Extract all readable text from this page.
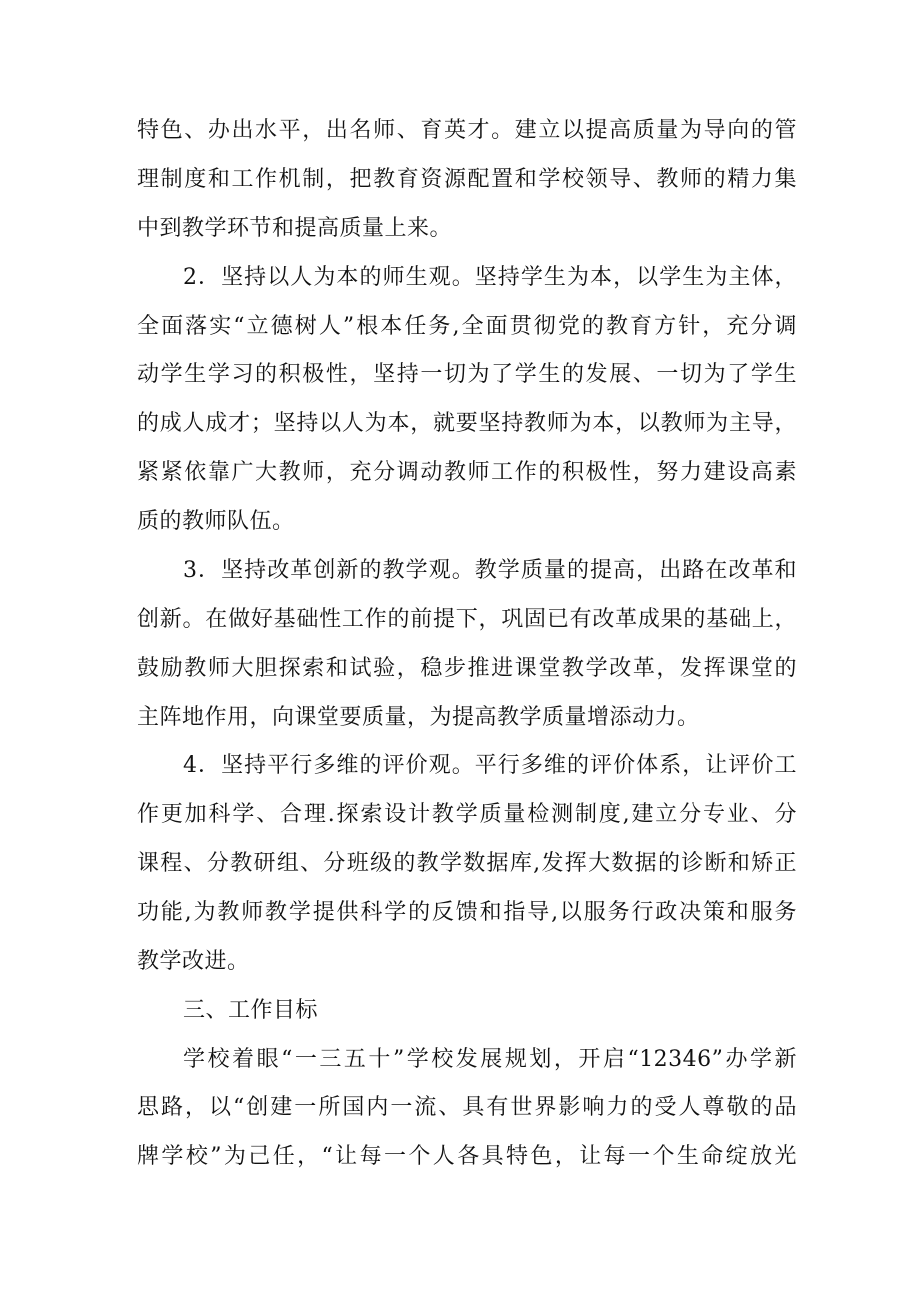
特色、办出水平，出名师、育英才。建立以提高质量为导向的管
理制度和工作机制，把教育资源配置和学校领导、教师的精力集
中到教学环节和提高质量上来。
2．坚持以人为本的师生观。坚持学生为本，以学生为主体，
全面落实“立德树人”根本任务,全面贯彻党的教育方针，充分调
动学生学习的积极性，坚持一切为了学生的发展、一切为了学生
的成人成才；坚持以人为本，就要坚持教师为本，以教师为主导，
紧紧依靠广大教师，充分调动教师工作的积极性，努力建设高素
质的教师队伍。
3．坚持改革创新的教学观。教学质量的提高，出路在改革和
创新。在做好基础性工作的前提下，巩固已有改革成果的基础上，
鼓励教师大胆探索和试验，稳步推进课堂教学改革，发挥课堂的
主阵地作用，向课堂要质量，为提高教学质量增添动力。
4．坚持平行多维的评价观。平行多维的评价体系，让评价工
作更加科学、合理.探索设计教学质量检测制度,建立分专业、分
课程、分教研组、分班级的教学数据库,发挥大数据的诊断和矫正
功能,为教师教学提供科学的反馈和指导,以服务行政决策和服务
教学改进。
三、工作目标
学校着眼“一三五十”学校发展规划，开启“12346”办学新
思路，以“创建一所国内一流、具有世界影响力的受人尊敬的品
牌学校”为己任，“让每一个人各具特色，让每一个生命绽放光
